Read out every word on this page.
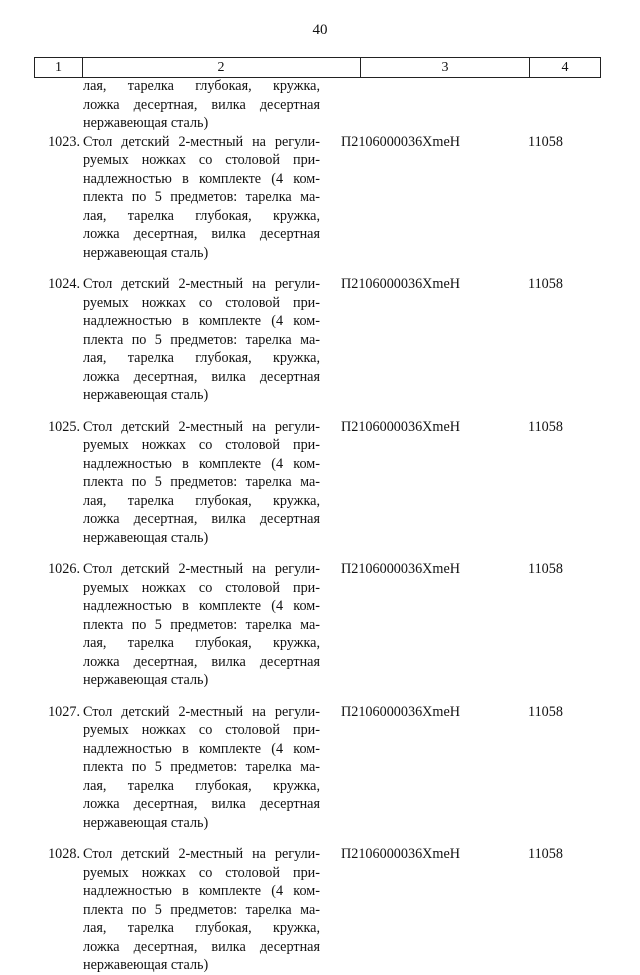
40
1	2	3	4
лая, тарелка глубокая, кружка,
ложка десертная, вилка десертная
нержавеющая сталь)
1023. Стол детский 2-местный на регули-
руемых ножках со столовой при-
надлежностью в комплекте (4 ком-
плекта по 5 предметов: тарелка ма-
лая, тарелка глубокая, кружка,
ложка десертная, вилка десертная
нержавеющая сталь)
П2106000036ХmeH	11058
1024. Стол детский 2-местный на регули-
руемых ножках со столовой при-
надлежностью в комплекте (4 ком-
плекта по 5 предметов: тарелка ма-
лая, тарелка глубокая, кружка,
ложка десертная, вилка десертная
нержавеющая сталь)
П2106000036ХmeH	11058
1025. Стол детский 2-местный на регули-
руемых ножках со столовой при-
надлежностью в комплекте (4 ком-
плекта по 5 предметов: тарелка ма-
лая, тарелка глубокая, кружка,
ложка десертная, вилка десертная
нержавеющая сталь)
П2106000036ХmeH	11058
1026. Стол детский 2-местный на регули-
руемых ножках со столовой при-
надлежностью в комплекте (4 ком-
плекта по 5 предметов: тарелка ма-
лая, тарелка глубокая, кружка,
ложка десертная, вилка десертная
нержавеющая сталь)
П2106000036ХmeH	11058
1027. Стол детский 2-местный на регули-
руемых ножках со столовой при-
надлежностью в комплекте (4 ком-
плекта по 5 предметов: тарелка ма-
лая, тарелка глубокая, кружка,
ложка десертная, вилка десертная
нержавеющая сталь)
П2106000036ХmeH	11058
1028. Стол детский 2-местный на регули-
руемых ножках со столовой при-
надлежностью в комплекте (4 ком-
плекта по 5 предметов: тарелка ма-
лая, тарелка глубокая, кружка,
ложка десертная, вилка десертная
нержавеющая сталь)
П2106000036ХmeH	11058
